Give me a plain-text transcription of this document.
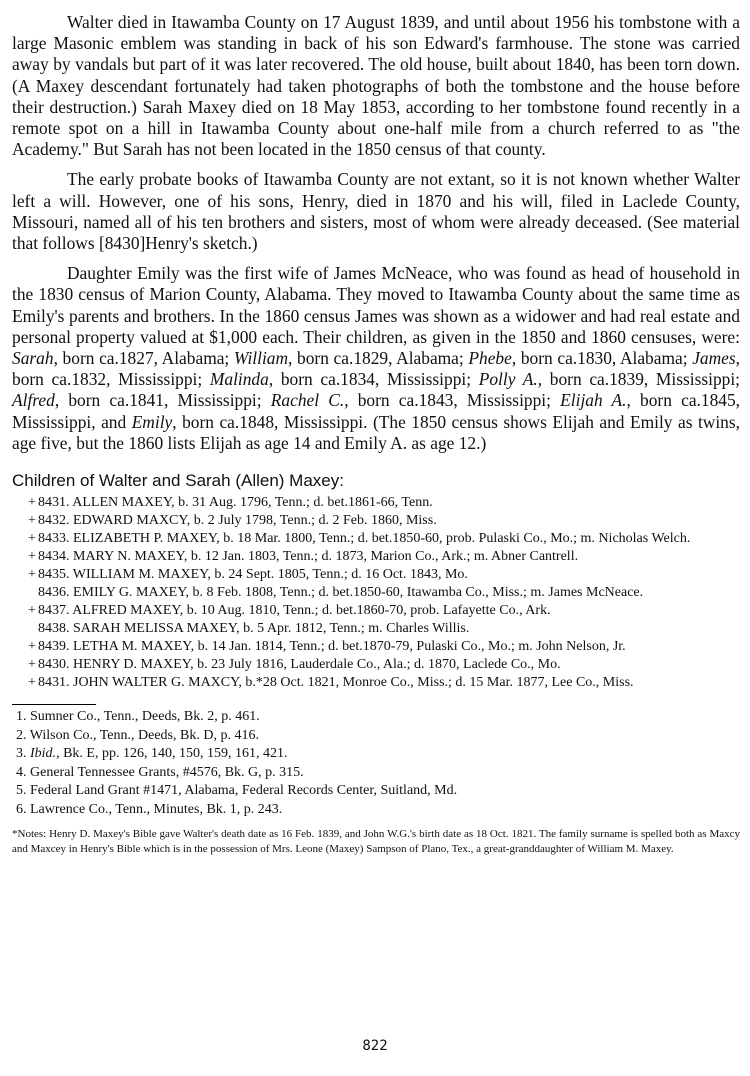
Walter died in Itawamba County on 17 August 1839, and until about 1956 his tombstone with a large Masonic emblem was standing in back of his son Edward's farmhouse. The stone was carried away by vandals but part of it was later recovered. The old house, built about 1840, has been torn down. (A Maxey descendant fortunately had taken photographs of both the tombstone and the house before their destruction.) Sarah Maxey died on 18 May 1853, according to her tombstone found recently in a remote spot on a hill in Itawamba County about one-half mile from a church referred to as "the Academy." But Sarah has not been located in the 1850 census of that county.

The early probate books of Itawamba County are not extant, so it is not known whether Walter left a will. However, one of his sons, Henry, died in 1870 and his will, filed in Laclede County, Missouri, named all of his ten brothers and sisters, most of whom were already deceased. (See material that follows [8430]Henry's sketch.)

Daughter Emily was the first wife of James McNeace, who was found as head of household in the 1830 census of Marion County, Alabama. They moved to Itawamba County about the same time as Emily's parents and brothers. In the 1860 census James was shown as a widower and had real estate and personal property valued at $1,000 each. Their children, as given in the 1850 and 1860 censuses, were: Sarah, born ca.1827, Alabama; William, born ca.1829, Alabama; Phebe, born ca.1830, Alabama; James, born ca.1832, Mississippi; Malinda, born ca.1834, Mississippi; Polly A., born ca.1839, Mississippi; Alfred, born ca.1841, Mississippi; Rachel C., born ca.1843, Mississippi; Elijah A., born ca.1845, Mississippi, and Emily, born ca.1848, Mississippi. (The 1850 census shows Elijah and Emily as twins, age five, but the 1860 lists Elijah as age 14 and Emily A. as age 12.)

Children of Walter and Sarah (Allen) Maxey:

+ 8431. ALLEN MAXEY, b. 31 Aug. 1796, Tenn.; d. bet.1861-66, Tenn.

+ 8432. EDWARD MAXCY, b. 2 July 1798, Tenn.; d. 2 Feb. 1860, Miss.

+ 8433. ELIZABETH P. MAXEY, b. 18 Mar. 1800, Tenn.; d. bet.1850-60, prob. Pulaski Co., Mo.; m. Nicholas Welch.

+ 8434. MARY N. MAXEY, b. 12 Jan. 1803, Tenn.; d. 1873, Marion Co., Ark.; m. Abner Cantrell.

+ 8435. WILLIAM M. MAXEY, b. 24 Sept. 1805, Tenn.; d. 16 Oct. 1843, Mo.

8436. EMILY G. MAXEY, b. 8 Feb. 1808, Tenn.; d. bet.1850-60, Itawamba Co., Miss.; m. James McNeace.

+ 8437. ALFRED MAXEY, b. 10 Aug. 1810, Tenn.; d. bet.1860-70, prob. Lafayette Co., Ark.

8438. SARAH MELISSA MAXEY, b. 5 Apr. 1812, Tenn.; m. Charles Willis.

+ 8439. LETHA M. MAXEY, b. 14 Jan. 1814, Tenn.; d. bet.1870-79, Pulaski Co., Mo.; m. John Nelson, Jr.

+ 8430. HENRY D. MAXEY, b. 23 July 1816, Lauderdale Co., Ala.; d. 1870, Laclede Co., Mo.

+ 8431. JOHN WALTER G. MAXCY, b.*28 Oct. 1821, Monroe Co., Miss.; d. 15 Mar. 1877, Lee Co., Miss.

1. Sumner Co., Tenn., Deeds, Bk. 2, p. 461.

2. Wilson Co., Tenn., Deeds, Bk. D, p. 416.

3. Ibid., Bk. E, pp. 126, 140, 150, 159, 161, 421.

4. General Tennessee Grants, #4576, Bk. G, p. 315.

5. Federal Land Grant #1471, Alabama, Federal Records Center, Suitland, Md.

6. Lawrence Co., Tenn., Minutes, Bk. 1, p. 243.

*Notes: Henry D. Maxey's Bible gave Walter's death date as 16 Feb. 1839, and John W.G.'s birth date as 18 Oct. 1821. The family surname is spelled both as Maxcy and Maxcey in Henry's Bible which is in the possession of Mrs. Leone (Maxey) Sampson of Plano, Tex., a great-granddaughter of William M. Maxey.

822
